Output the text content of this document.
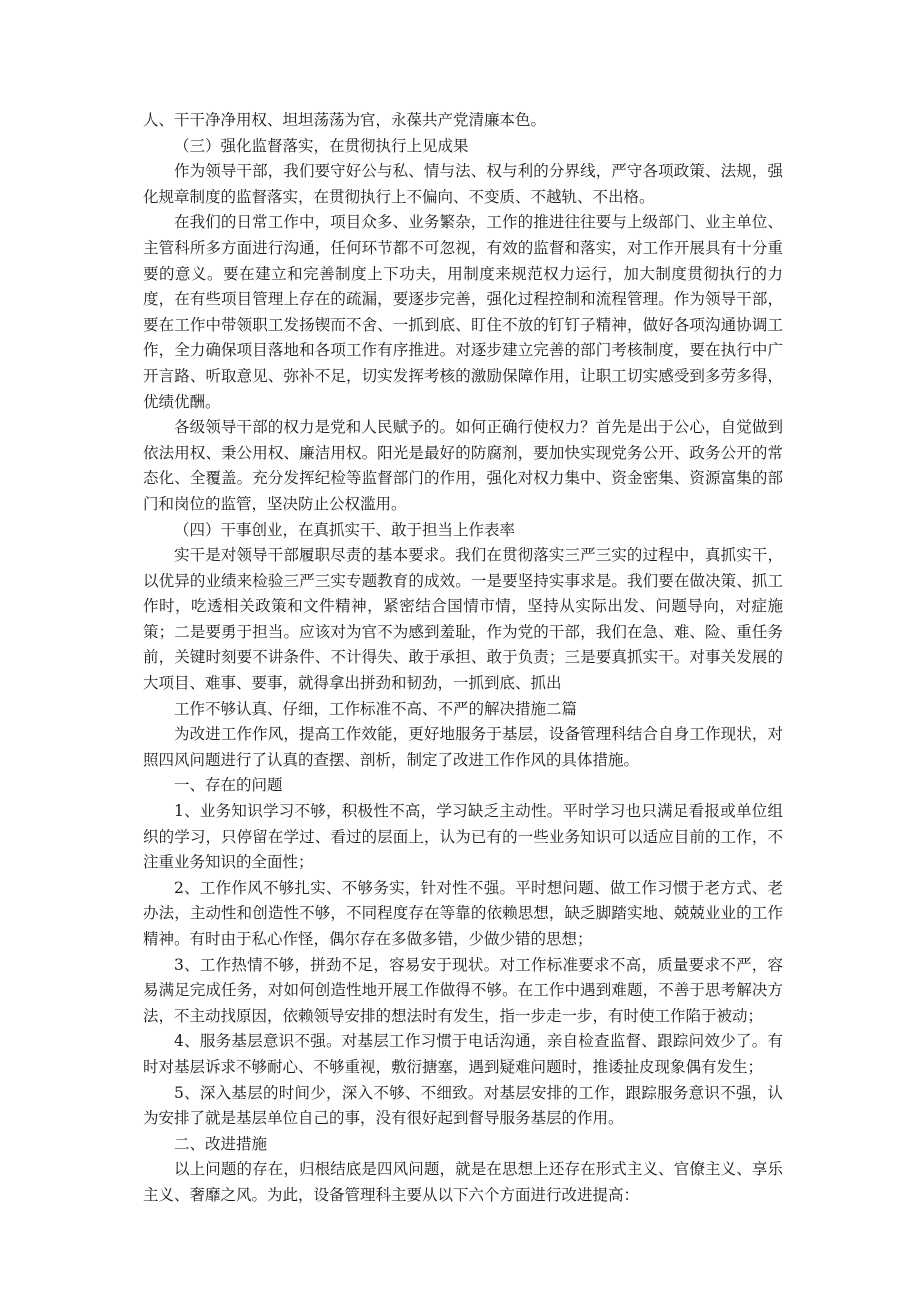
人、干干净净用权、坦坦荡荡为官，永葆共产党清廉本色。

（三）强化监督落实，在贯彻执行上见成果

作为领导干部，我们要守好公与私、情与法、权与利的分界线，严守各项政策、法规，强化规章制度的监督落实，在贯彻执行上不偏向、不变质、不越轨、不出格。

在我们的日常工作中，项目众多、业务繁杂，工作的推进往往要与上级部门、业主单位、主管科所多方面进行沟通，任何环节都不可忽视，有效的监督和落实，对工作开展具有十分重要的意义。要在建立和完善制度上下功夫，用制度来规范权力运行，加大制度贯彻执行的力度，在有些项目管理上存在的疏漏，要逐步完善，强化过程控制和流程管理。作为领导干部，要在工作中带领职工发扬锲而不舍、一抓到底、盯住不放的钉钉子精神，做好各项沟通协调工作，全力确保项目落地和各项工作有序推进。对逐步建立完善的部门考核制度，要在执行中广开言路、听取意见、弥补不足，切实发挥考核的激励保障作用，让职工切实感受到多劳多得，优绩优酬。

各级领导干部的权力是党和人民赋予的。如何正确行使权力？首先是出于公心，自觉做到依法用权、秉公用权、廉洁用权。阳光是最好的防腐剂，要加快实现党务公开、政务公开的常态化、全覆盖。充分发挥纪检等监督部门的作用，强化对权力集中、资金密集、资源富集的部门和岗位的监管，坚决防止公权滥用。

（四）干事创业，在真抓实干、敢于担当上作表率

实干是对领导干部履职尽责的基本要求。我们在贯彻落实三严三实的过程中，真抓实干，以优异的业绩来检验三严三实专题教育的成效。一是要坚持实事求是。我们要在做决策、抓工作时，吃透相关政策和文件精神，紧密结合国情市情，坚持从实际出发、问题导向，对症施策；二是要勇于担当。应该对为官不为感到羞耻，作为党的干部，我们在急、难、险、重任务前，关键时刻要不讲条件、不计得失、敢于承担、敢于负责；三是要真抓实干。对事关发展的大项目、难事、要事，就得拿出拼劲和韧劲，一抓到底、抓出

工作不够认真、仔细，工作标准不高、不严的解决措施二篇

为改进工作作风，提高工作效能，更好地服务于基层，设备管理科结合自身工作现状，对照四风问题进行了认真的查摆、剖析，制定了改进工作作风的具体措施。

一、存在的问题

1、业务知识学习不够，积极性不高，学习缺乏主动性。平时学习也只满足看报或单位组织的学习，只停留在学过、看过的层面上，认为已有的一些业务知识可以适应目前的工作，不注重业务知识的全面性；

2、工作作风不够扎实、不够务实，针对性不强。平时想问题、做工作习惯于老方式、老办法，主动性和创造性不够，不同程度存在等靠的依赖思想，缺乏脚踏实地、兢兢业业的工作精神。有时由于私心作怪，偶尔存在多做多错，少做少错的思想；

3、工作热情不够，拼劲不足，容易安于现状。对工作标准要求不高，质量要求不严，容易满足完成任务，对如何创造性地开展工作做得不够。在工作中遇到难题，不善于思考解决方法，不主动找原因，依赖领导安排的想法时有发生，指一步走一步，有时使工作陷于被动；

4、服务基层意识不强。对基层工作习惯于电话沟通，亲自检查监督、跟踪问效少了。有时对基层诉求不够耐心、不够重视，敷衍搪塞，遇到疑难问题时，推诿扯皮现象偶有发生；

5、深入基层的时间少，深入不够、不细致。对基层安排的工作，跟踪服务意识不强，认为安排了就是基层单位自己的事，没有很好起到督导服务基层的作用。

二、改进措施

以上问题的存在，归根结底是四风问题，就是在思想上还存在形式主义、官僚主义、享乐主义、奢靡之风。为此，设备管理科主要从以下六个方面进行改进提高：
